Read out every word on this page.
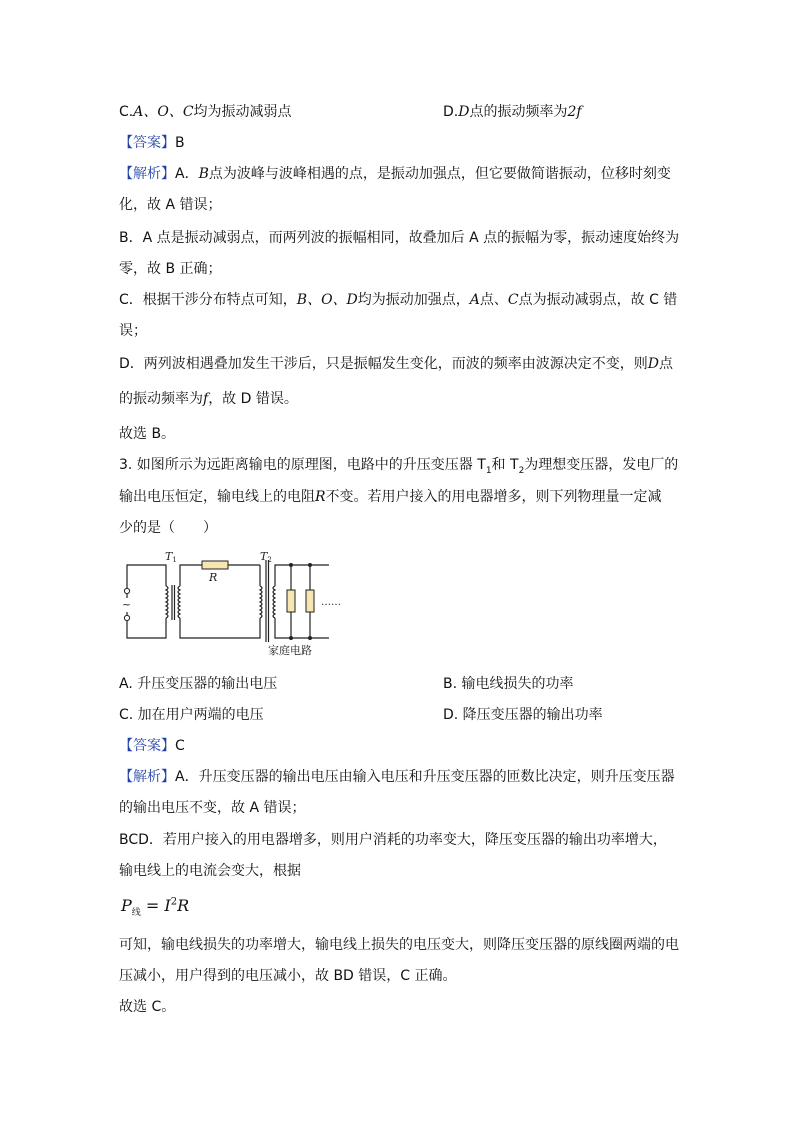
C.A、O、C均为振动减弱点	D.D点的振动频率为2f
【答案】B
【解析】A．B点为波峰与波峰相遇的点，是振动加强点，但它要做简谐振动，位移时刻变
化，故 A 错误；
B．A 点是振动减弱点，而两列波的振幅相同，故叠加后 A 点的振幅为零，振动速度始终为
零，故 B 正确；
C．根据干涉分布特点可知，B、O、D均为振动加强点，A点、C点为振动减弱点，故 C 错
误；
D．两列波相遇叠加发生干涉后，只是振幅发生变化，而波的频率由波源决定不变，则D点
的振动频率为f，故 D 错误。
故选 B。
3. 如图所示为远距离输电的原理图，电路中的升压变压器 $T_1$和 $T_2$为理想变压器，发电厂的
输出电压恒定，输电线上的电阻R不变。若用户接入的用电器增多，则下列物理量一定减
少的是（　　）
~
T1	T2
R
……
家庭电路
A. 升压变压器的输出电压	B. 输电线损失的功率
C. 加在用户两端的电压	D. 降压变压器的输出功率
【答案】C
【解析】A．升压变压器的输出电压由输入电压和升压变压器的匝数比决定，则升压变压器
的输出电压不变，故 A 错误；
BCD．若用户接入的用电器增多，则用户消耗的功率变大，降压变压器的输出功率增大，
输电线上的电流会变大，根据
$P_线 = I^2R$
可知，输电线损失的功率增大，输电线上损失的电压变大，则降压变压器的原线圈两端的电
压减小，用户得到的电压减小，故 BD 错误，C 正确。
故选 C。
